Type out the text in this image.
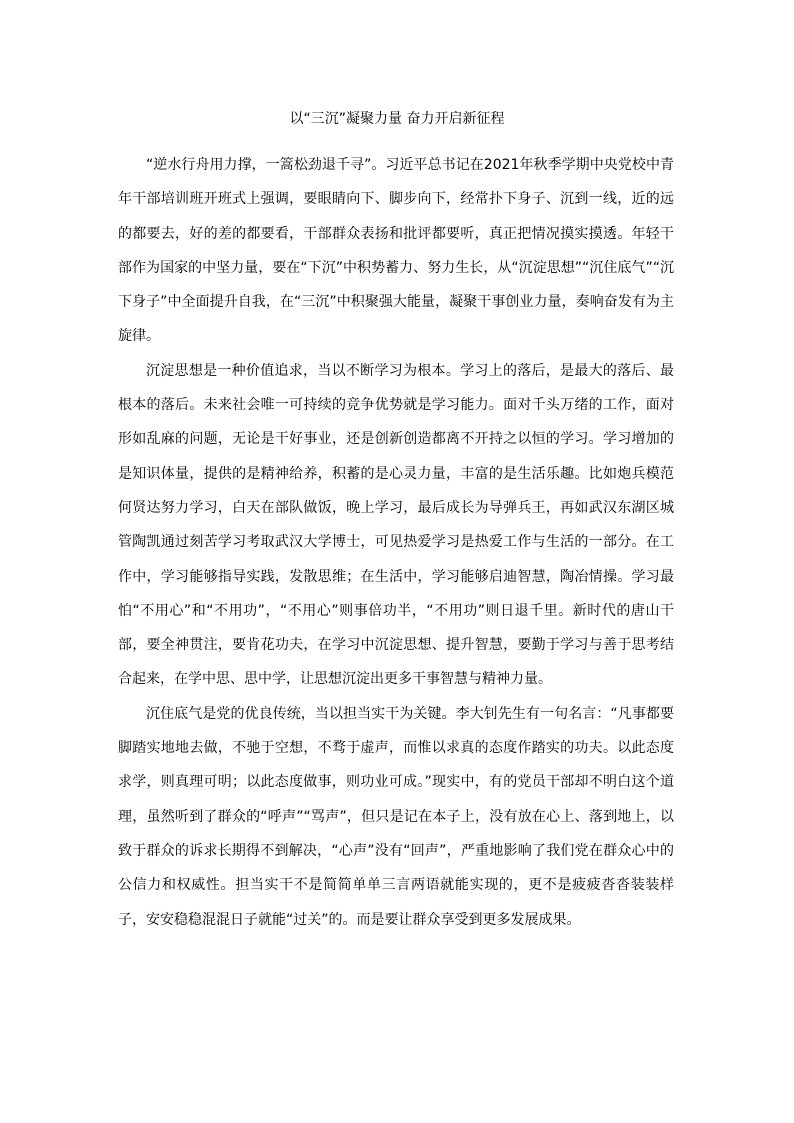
以“三沉”凝聚力量 奋力开启新征程

“逆水行舟用力撑，一篙松劲退千寻”。习近平总书记在2021年秋季学期中央党校中青年干部培训班开班式上强调，要眼睛向下、脚步向下，经常扑下身子、沉到一线，近的远的都要去，好的差的都要看，干部群众表扬和批评都要听，真正把情况摸实摸透。年轻干部作为国家的中坚力量，要在“下沉”中积势蓄力、努力生长，从“沉淀思想”“沉住底气”“沉下身子”中全面提升自我，在“三沉”中积聚强大能量，凝聚干事创业力量，奏响奋发有为主旋律。

沉淀思想是一种价值追求，当以不断学习为根本。学习上的落后，是最大的落后、最根本的落后。未来社会唯一可持续的竞争优势就是学习能力。面对千头万绪的工作，面对形如乱麻的问题，无论是干好事业，还是创新创造都离不开持之以恒的学习。学习增加的是知识体量，提供的是精神给养，积蓄的是心灵力量，丰富的是生活乐趣。比如炮兵模范何贤达努力学习，白天在部队做饭，晚上学习，最后成长为导弹兵王，再如武汉东湖区城管陶凯通过刻苦学习考取武汉大学博士，可见热爱学习是热爱工作与生活的一部分。在工作中，学习能够指导实践，发散思维；在生活中，学习能够启迪智慧，陶冶情操。学习最怕“不用心”和“不用功”，“不用心”则事倍功半，“不用功”则日退千里。新时代的唐山干部，要全神贯注，要肯花功夫，在学习中沉淀思想、提升智慧，要勤于学习与善于思考结合起来，在学中思、思中学，让思想沉淀出更多干事智慧与精神力量。

沉住底气是党的优良传统，当以担当实干为关键。李大钊先生有一句名言：“凡事都要脚踏实地地去做，不驰于空想，不骛于虚声，而惟以求真的态度作踏实的功夫。以此态度求学，则真理可明；以此态度做事，则功业可成。”现实中，有的党员干部却不明白这个道理，虽然听到了群众的“呼声”“骂声”，但只是记在本子上，没有放在心上、落到地上，以致于群众的诉求长期得不到解决，“心声”没有“回声”，严重地影响了我们党在群众心中的公信力和权威性。担当实干不是简简单单三言两语就能实现的，更不是疲疲沓沓装装样子，安安稳稳混混日子就能“过关”的。而是要让群众享受到更多发展成果。
